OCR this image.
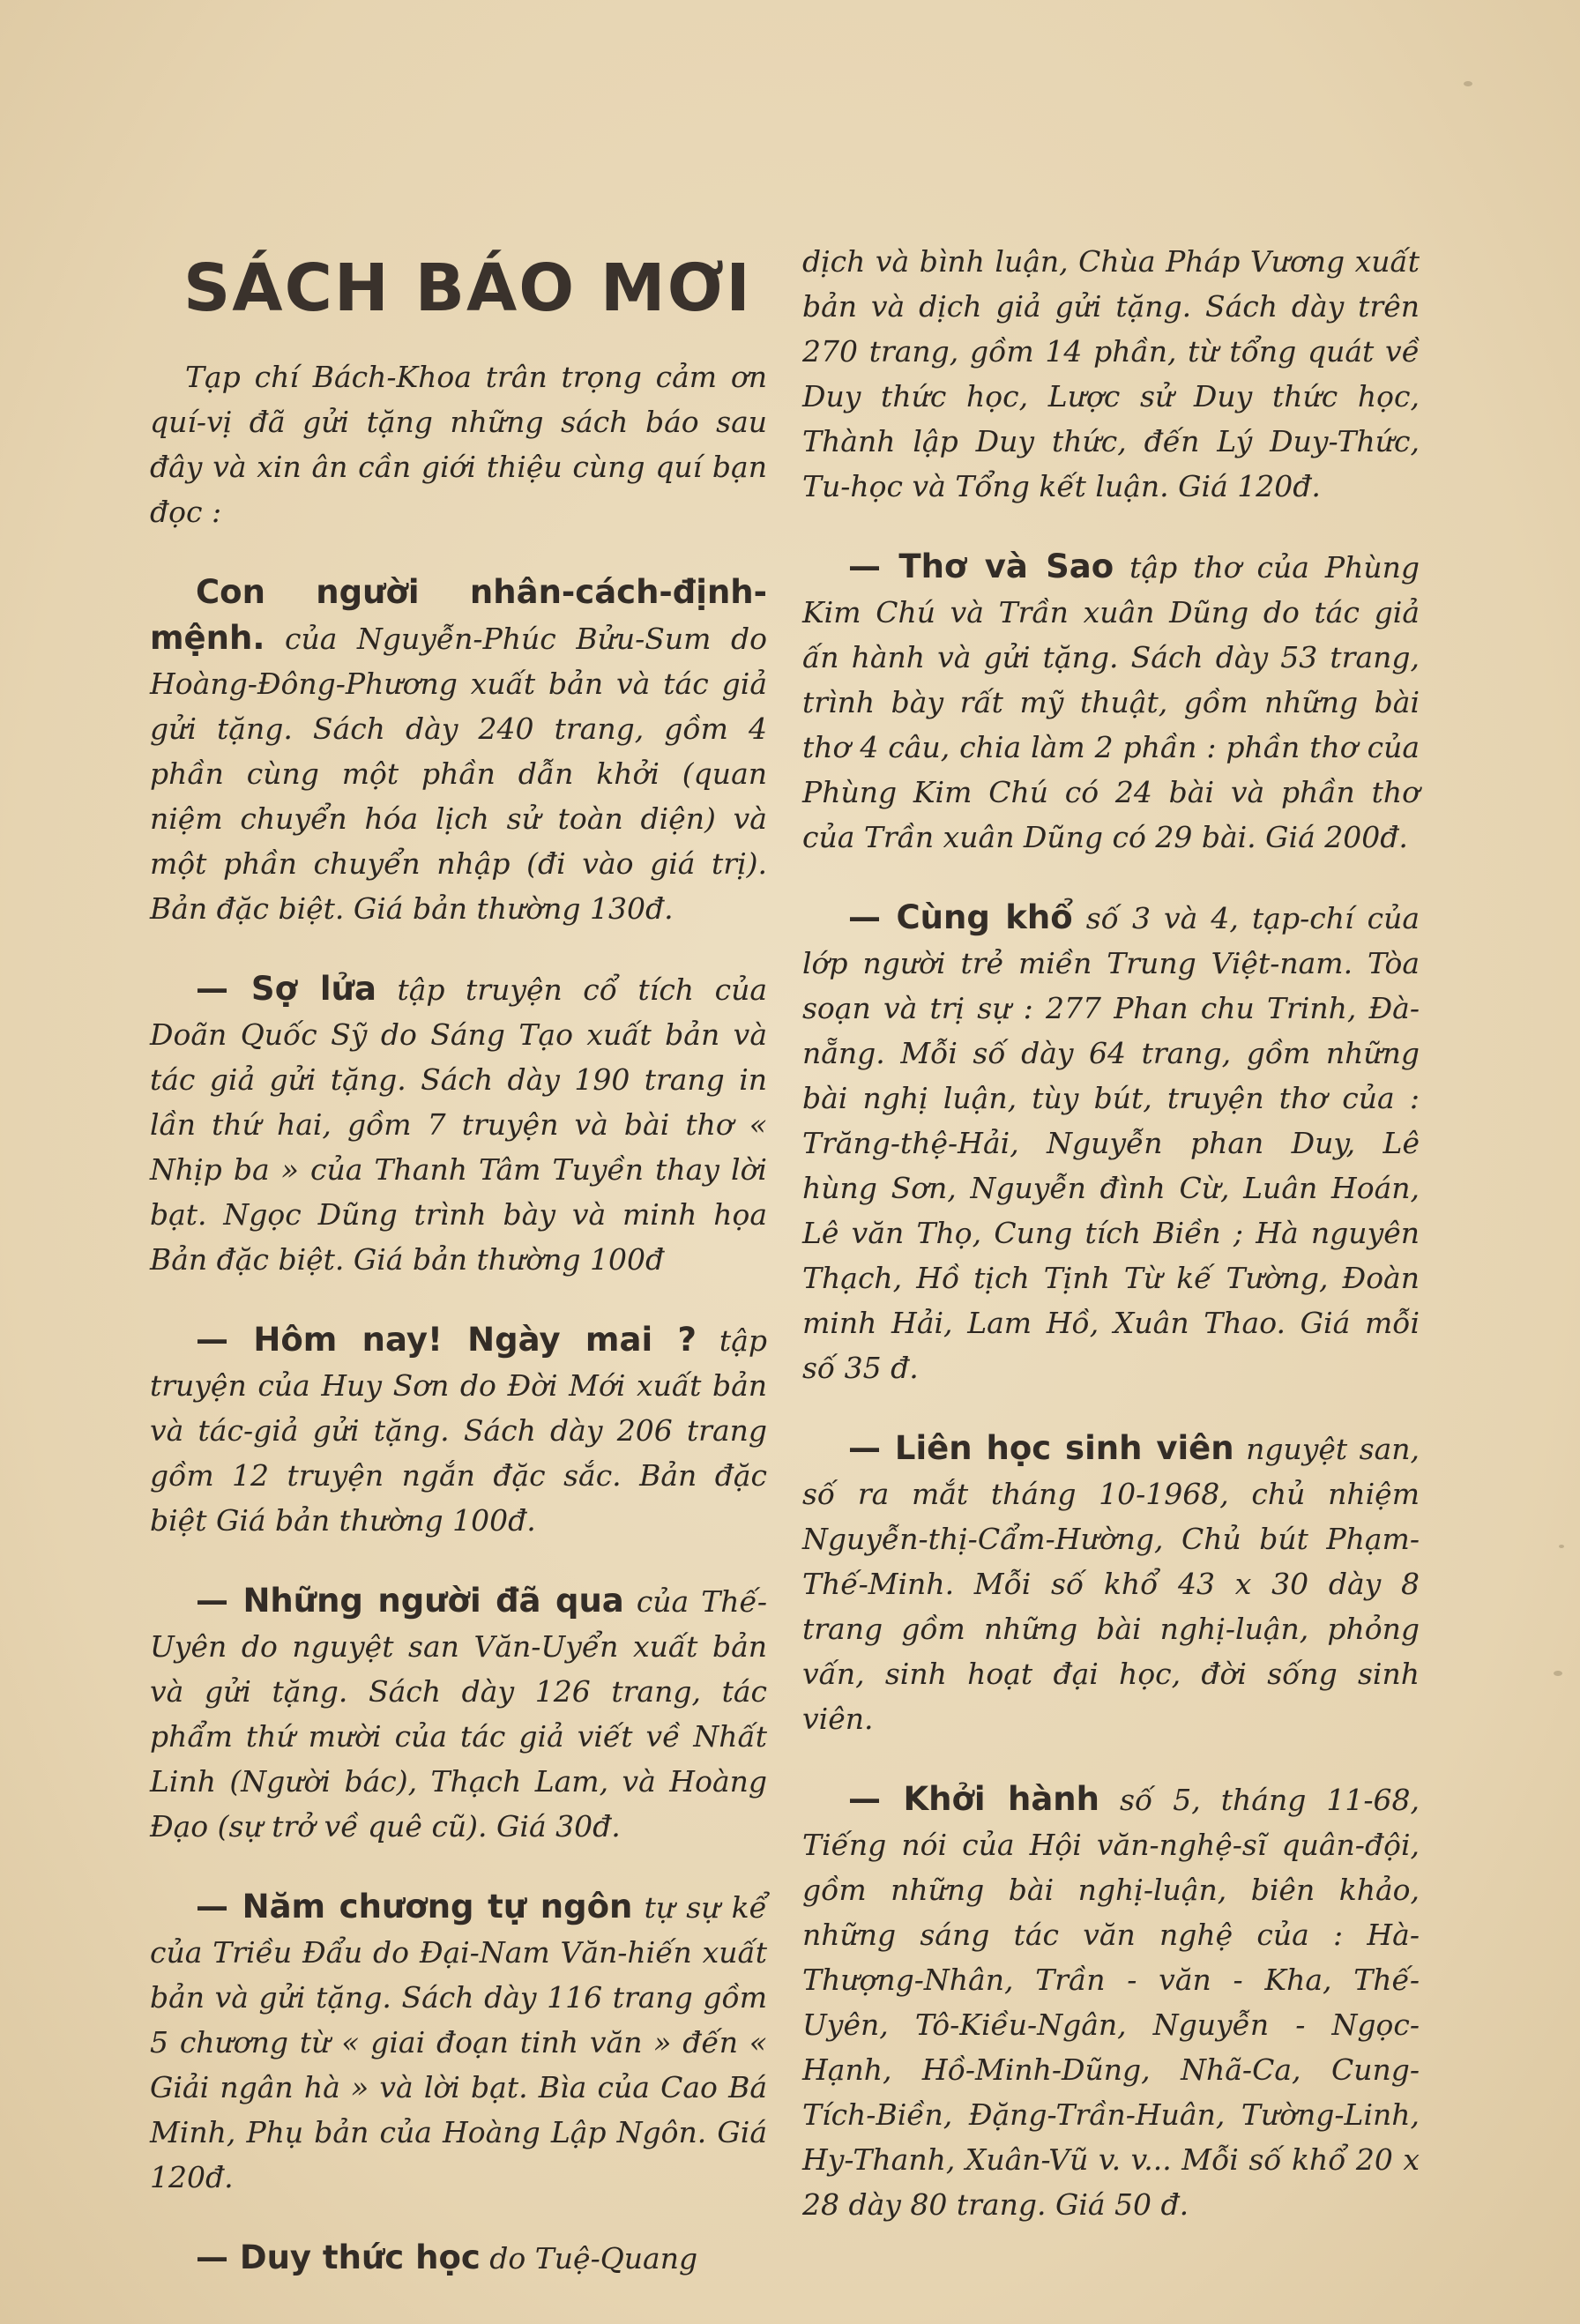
SÁCH BÁO MƠI

Tạp chí Bách-Khoa trân trọng cảm ơn quí-vị đã gửi tặng những sách báo sau đây và xin ân cần giới thiệu cùng quí bạn đọc :

Con người nhân-cách-định-mệnh. của Nguyễn-Phúc Bửu-Sum do Hoàng-Đông-Phương xuất bản và tác giả gửi tặng. Sách dày 240 trang, gồm 4 phần cùng một phần dẫn khởi (quan niệm chuyển hóa lịch sử toàn diện) và một phần chuyển nhập (đi vào giá trị). Bản đặc biệt. Giá bản thường 130đ.

— Sợ lửa tập truyện cổ tích của Doãn Quốc Sỹ do Sáng Tạo xuất bản và tác giả gửi tặng. Sách dày 190 trang in lần thứ hai, gồm 7 truyện và bài thơ « Nhịp ba » của Thanh Tâm Tuyền thay lời bạt. Ngọc Dũng trình bày và minh họa Bản đặc biệt. Giá bản thường 100đ

— Hôm nay! Ngày mai ? tập truyện của Huy Sơn do Đời Mới xuất bản và tác-giả gửi tặng. Sách dày 206 trang gồm 12 truyện ngắn đặc sắc. Bản đặc biệt Giá bản thường 100đ.

— Những người đã qua của Thế-Uyên do nguyệt san Văn-Uyển xuất bản và gửi tặng. Sách dày 126 trang, tác phẩm thứ mười của tác giả viết về Nhất Linh (Người bác), Thạch Lam, và Hoàng Đạo (sự trở về quê cũ). Giá 30đ.

— Năm chương tự ngôn tự sự kể của Triều Đẩu do Đại-Nam Văn-hiến xuất bản và gửi tặng. Sách dày 116 trang gồm 5 chương từ « giai đoạn tinh văn » đến « Giải ngân hà » và lời bạt. Bìa của Cao Bá Minh, Phụ bản của Hoàng Lập Ngôn. Giá 120đ.

— Duy thức học do Tuệ-Quang

dịch và bình luận, Chùa Pháp Vương xuất bản và dịch giả gửi tặng. Sách dày trên 270 trang, gồm 14 phần, từ tổng quát về Duy thức học, Lược sử Duy thức học, Thành lập Duy thức, đến Lý Duy-Thức, Tu-học và Tổng kết luận. Giá 120đ.

— Thơ và Sao tập thơ của Phùng Kim Chú và Trần xuân Dũng do tác giả ấn hành và gửi tặng. Sách dày 53 trang, trình bày rất mỹ thuật, gồm những bài thơ 4 câu, chia làm 2 phần : phần thơ của Phùng Kim Chú có 24 bài và phần thơ của Trần xuân Dũng có 29 bài. Giá 200đ.

— Cùng khổ số 3 và 4, tạp-chí của lớp người trẻ miền Trung Việt-nam. Tòa soạn và trị sự : 277 Phan chu Trinh, Đà-nẵng. Mỗi số dày 64 trang, gồm những bài nghị luận, tùy bút, truyện thơ của : Trăng-thệ-Hải, Nguyễn phan Duy, Lê hùng Sơn, Nguyễn đình Cừ, Luân Hoán, Lê văn Thọ, Cung tích Biền ; Hà nguyên Thạch, Hồ tịch Tịnh Từ kế Tường, Đoàn minh Hải, Lam Hồ, Xuân Thao. Giá mỗi số 35 đ.

— Liên học sinh viên nguyệt san, số ra mắt tháng 10-1968, chủ nhiệm Nguyễn-thị-Cẩm-Hường, Chủ bút Phạm-Thế-Minh. Mỗi số khổ 43 x 30 dày 8 trang gồm những bài nghị-luận, phỏng vấn, sinh hoạt đại học, đời sống sinh viên.

— Khởi hành số 5, tháng 11-68, Tiếng nói của Hội văn-nghệ-sĩ quân-đội, gồm những bài nghị-luận, biên khảo, những sáng tác văn nghệ của : Hà-Thượng-Nhân, Trần - văn - Kha, Thế-Uyên, Tô-Kiều-Ngân, Nguyễn - Ngọc-Hạnh, Hồ-Minh-Dũng, Nhã-Ca, Cung-Tích-Biền, Đặng-Trần-Huân, Tường-Linh, Hy-Thanh, Xuân-Vũ v. v... Mỗi số khổ 20 x 28 dày 80 trang. Giá 50 đ.
